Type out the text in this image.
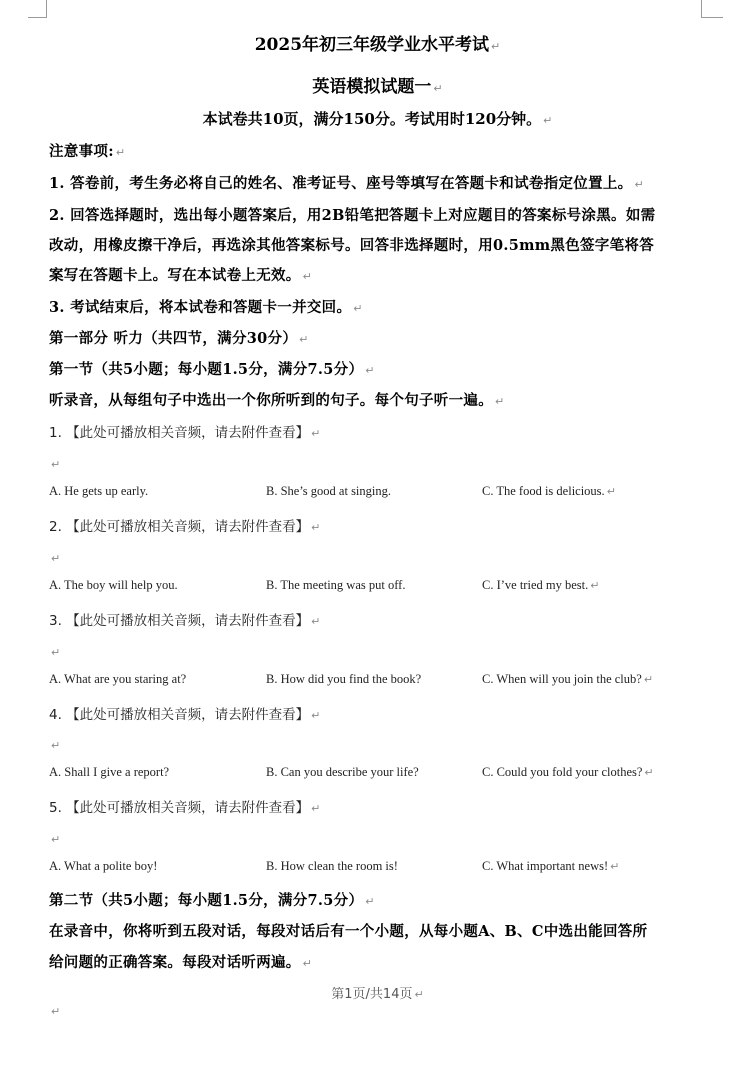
2025年初三年级学业水平考试 ↵
英语模拟试题一 ↵
本试卷共10页，满分150分。考试用时120分钟。 ↵
注意事项: ↵
1. 答卷前，考生务必将自己的姓名、准考证号、座号等填写在答题卡和试卷指定位置上。 ↵
2. 回答选择题时，选出每小题答案后，用2B铅笔把答题卡上对应题目的答案标号涂黑。如需
改动，用橡皮擦干净后，再选涂其他答案标号。回答非选择题时，用0.5mm黑色签字笔将答
案写在答题卡上。写在本试卷上无效。 ↵
3. 考试结束后，将本试卷和答题卡一并交回。 ↵
第一部分 听力（共四节，满分30分） ↵
第一节（共5小题；每小题1.5分，满分7.5分） ↵
听录音，从每组句子中选出一个你所听到的句子。每个句子听一遍。 ↵
1. 【此处可播放相关音频，请去附件查看】 ↵
↵
A. He gets up early.	B. She’s good at singing.	C. The food is delicious. ↵
2. 【此处可播放相关音频，请去附件查看】 ↵
↵
A. The boy will help you.	B. The meeting was put off.	C. I’ve tried my best. ↵
3. 【此处可播放相关音频，请去附件查看】 ↵
↵
A. What are you staring at?	B. How did you find the book?	C. When will you join the club? ↵
4. 【此处可播放相关音频，请去附件查看】 ↵
↵
A. Shall I give a report?	B. Can you describe your life?	C. Could you fold your clothes? ↵
5. 【此处可播放相关音频，请去附件查看】 ↵
↵
A. What a polite boy!	B. How clean the room is!	C. What important news! ↵
第二节（共5小题；每小题1.5分，满分7.5分） ↵
在录音中，你将听到五段对话，每段对话后有一个小题，从每小题A、B、C中选出能回答所
给问题的正确答案。每段对话听两遍。 ↵
第1页/共14页 ↵
↵
